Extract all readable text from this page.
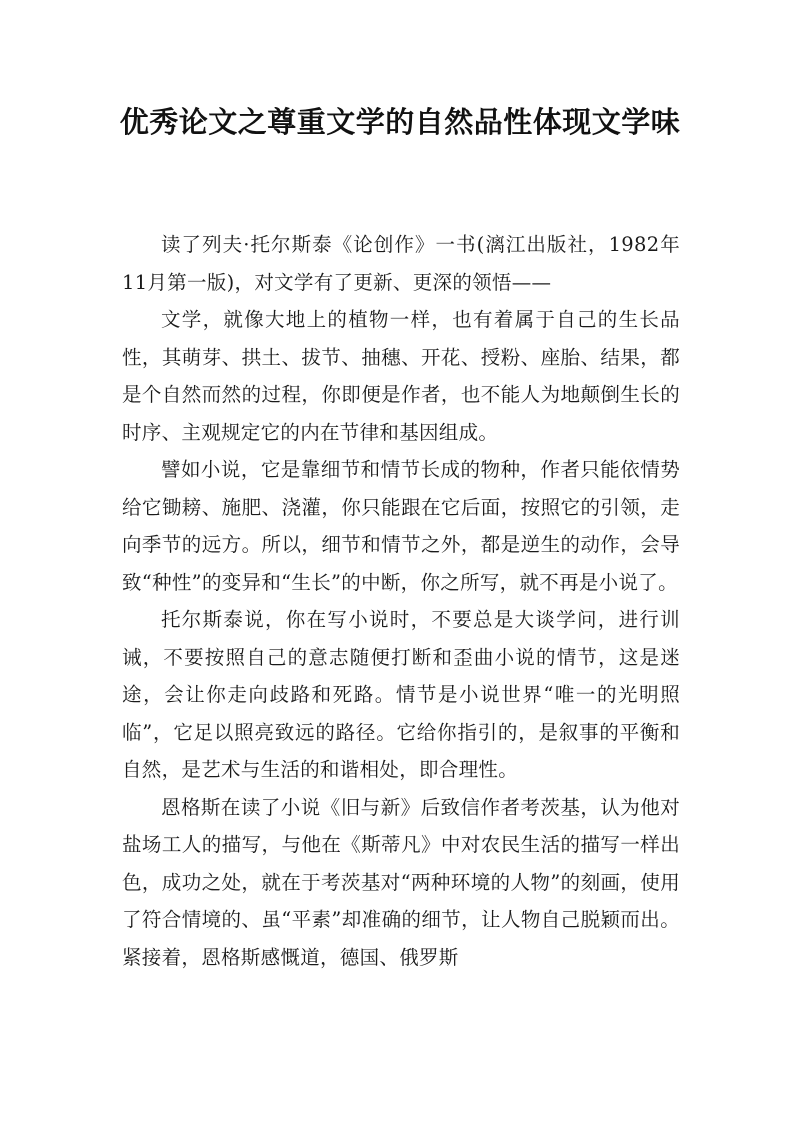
优秀论文之尊重文学的自然品性体现文学味

读了列夫·托尔斯泰《论创作》一书(漓江出版社，1982年11月第一版)，对文学有了更新、更深的领悟——

文学，就像大地上的植物一样，也有着属于自己的生长品性，其萌芽、拱土、拔节、抽穗、开花、授粉、座胎、结果，都是个自然而然的过程，你即便是作者，也不能人为地颠倒生长的时序、主观规定它的内在节律和基因组成。

譬如小说，它是靠细节和情节长成的物种，作者只能依情势给它锄耪、施肥、浇灌，你只能跟在它后面，按照它的引领，走向季节的远方。所以，细节和情节之外，都是逆生的动作，会导致“种性”的变异和“生长”的中断，你之所写，就不再是小说了。

托尔斯泰说，你在写小说时，不要总是大谈学问，进行训诫，不要按照自己的意志随便打断和歪曲小说的情节，这是迷途，会让你走向歧路和死路。情节是小说世界“唯一的光明照临”，它足以照亮致远的路径。它给你指引的，是叙事的平衡和自然，是艺术与生活的和谐相处，即合理性。

恩格斯在读了小说《旧与新》后致信作者考茨基，认为他对盐场工人的描写，与他在《斯蒂凡》中对农民生活的描写一样出色，成功之处，就在于考茨基对“两种环境的人物”的刻画，使用了符合情境的、虽“平素”却准确的细节，让人物自己脱颖而出。紧接着，恩格斯感慨道，德国、俄罗斯
